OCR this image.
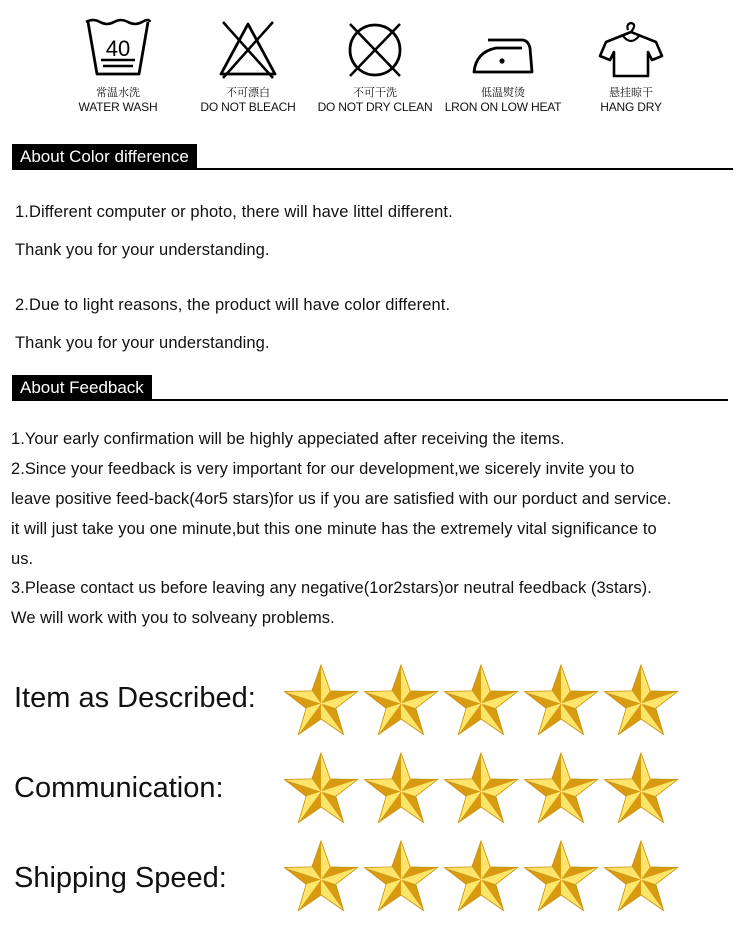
40
常温水洗
WATER WASH
不可漂白
DO NOT BLEACH
不可干洗
DO NOT DRY CLEAN
低温熨烫
LRON ON LOW HEAT
悬挂晾干
HANG DRY
About Color difference
1.Different computer or photo, there will have littel different.
Thank you for your understanding.
2.Due to light reasons, the product will have color different.
Thank you for your understanding.
About Feedback
1.Your early confirmation will be highly appeciated after receiving the items.
2.Since your feedback is very important for our development,we sicerely invite you to
leave positive feed-back(4or5 stars)for us if you are satisfied with our porduct and service.
it will just take you one minute,but this one minute has the extremely vital significance to
us.
3.Please contact us before leaving any negative(1or2stars)or neutral feedback (3stars).
We will work with you to solveany problems.
Item as Described:
Communication:
Shipping Speed:
